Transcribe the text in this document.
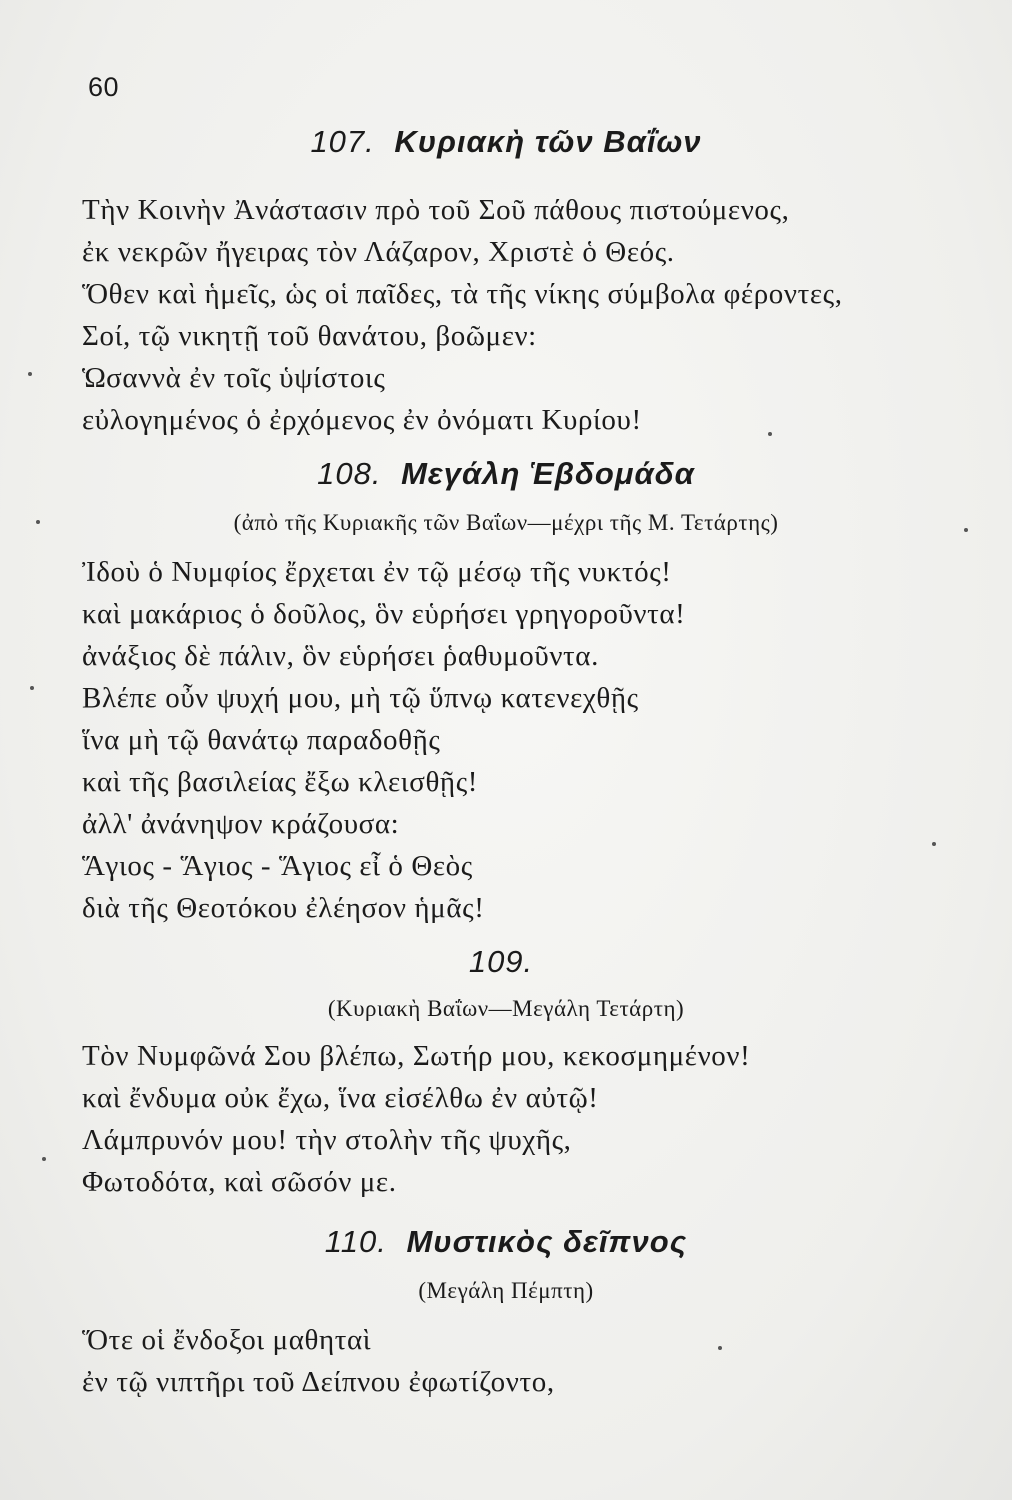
60
107. Κυριακὴ τῶν Βαΐων
Τὴν Κοινὴν Ἀνάστασιν πρὸ τοῦ Σοῦ πάθους πιστούμενος,
ἐκ νεκρῶν ἤγειρας τὸν Λάζαρον, Χριστὲ ὁ Θεός.
Ὅθεν καὶ ἡμεῖς, ὡς οἱ παῖδες, τὰ τῆς νίκης σύμβολα φέροντες,
Σοί, τῷ νικητῇ τοῦ θανάτου, βοῶμεν:
Ὡσαννὰ ἐν τοῖς ὑψίστοις
εὐλογημένος ὁ ἐρχόμενος ἐν ὀνόματι Κυρίου!
108. Μεγάλη Ἑβδομάδα
(ἀπὸ τῆς Κυριακῆς τῶν Βαΐων—μέχρι τῆς Μ. Τετάρτης)
Ἰδοὺ ὁ Νυμφίος ἔρχεται ἐν τῷ μέσῳ τῆς νυκτός!
καὶ μακάριος ὁ δοῦλος, ὃν εὑρήσει γρηγοροῦντα!
ἀνάξιος δὲ πάλιν, ὃν εὑρήσει ῥαθυμοῦντα.
Βλέπε οὖν ψυχή μου, μὴ τῷ ὕπνῳ κατενεχθῇς
ἵνα μὴ τῷ θανάτῳ παραδοθῇς
καὶ τῆς βασιλείας ἔξω κλεισθῇς!
ἀλλ' ἀνάνηψον κράζουσα:
Ἅγιος - Ἅγιος - Ἅγιος εἶ ὁ Θεὸς
διὰ τῆς Θεοτόκου ἐλέησον ἡμᾶς!
109.
(Κυριακὴ Βαΐων—Μεγάλη Τετάρτη)
Τὸν Νυμφῶνά Σου βλέπω, Σωτήρ μου, κεκοσμημένον!
καὶ ἔνδυμα οὐκ ἔχω, ἵνα εἰσέλθω ἐν αὐτῷ!
Λάμπρυνόν μου! τὴν στολὴν τῆς ψυχῆς,
Φωτοδότα, καὶ σῶσόν με.
110. Μυστικὸς δεῖπνος
(Μεγάλη Πέμπτη)
Ὅτε οἱ ἔνδοξοι μαθηταὶ
ἐν τῷ νιπτῆρι τοῦ Δείπνου ἐφωτίζοντο,
